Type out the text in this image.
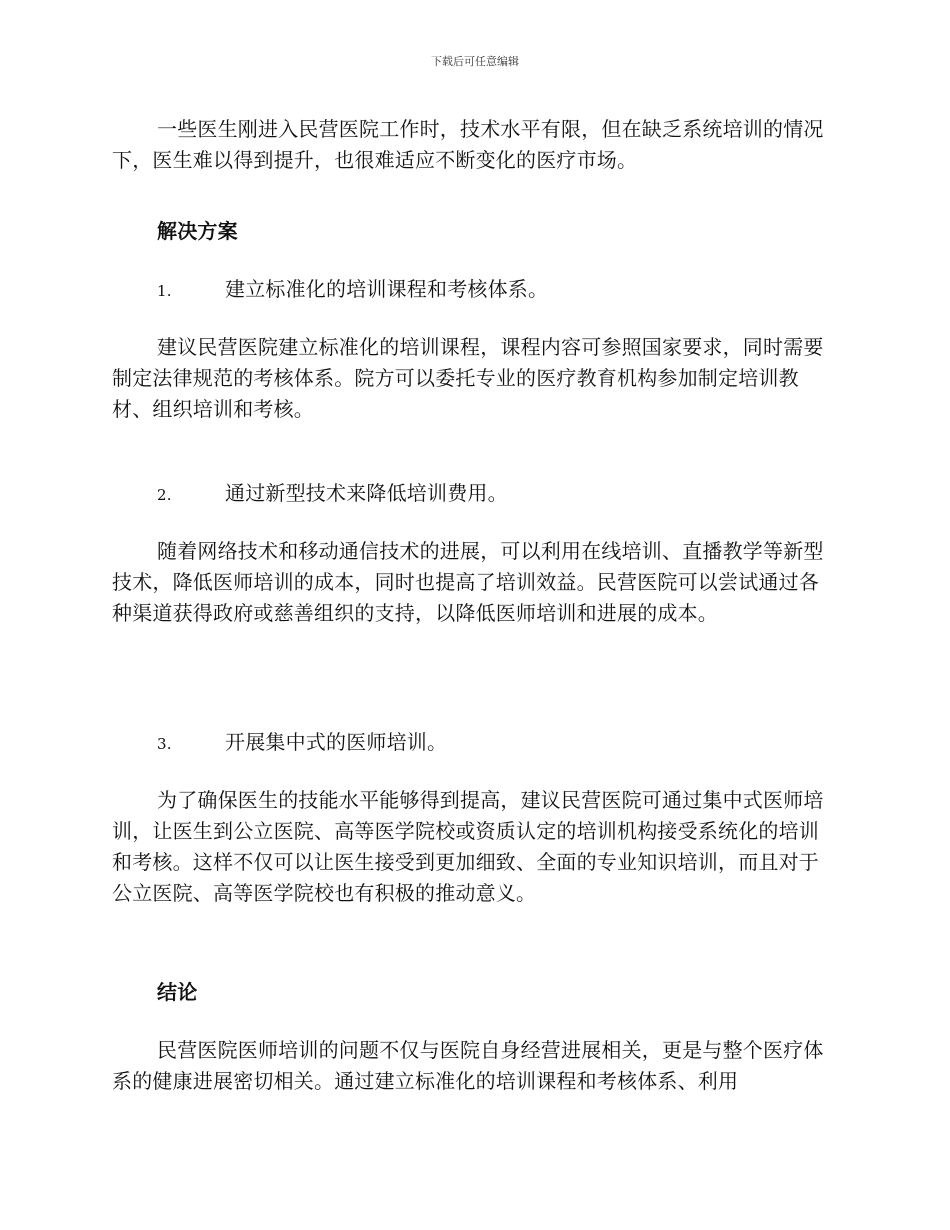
下载后可任意编辑
一些医生刚进入民营医院工作时，技术水平有限，但在缺乏系统培训的情况下，医生难以得到提升，也很难适应不断变化的医疗市场。
解决方案
1.	建立标准化的培训课程和考核体系。
建议民营医院建立标准化的培训课程，课程内容可参照国家要求，同时需要制定法律规范的考核体系。院方可以委托专业的医疗教育机构参加制定培训教材、组织培训和考核。
2.	通过新型技术来降低培训费用。
随着网络技术和移动通信技术的进展，可以利用在线培训、直播教学等新型技术，降低医师培训的成本，同时也提高了培训效益。民营医院可以尝试通过各种渠道获得政府或慈善组织的支持，以降低医师培训和进展的成本。
3.	开展集中式的医师培训。
为了确保医生的技能水平能够得到提高，建议民营医院可通过集中式医师培训，让医生到公立医院、高等医学院校或资质认定的培训机构接受系统化的培训和考核。这样不仅可以让医生接受到更加细致、全面的专业知识培训，而且对于公立医院、高等医学院校也有积极的推动意义。
结论
民营医院医师培训的问题不仅与医院自身经营进展相关，更是与整个医疗体系的健康进展密切相关。通过建立标准化的培训课程和考核体系、利用
